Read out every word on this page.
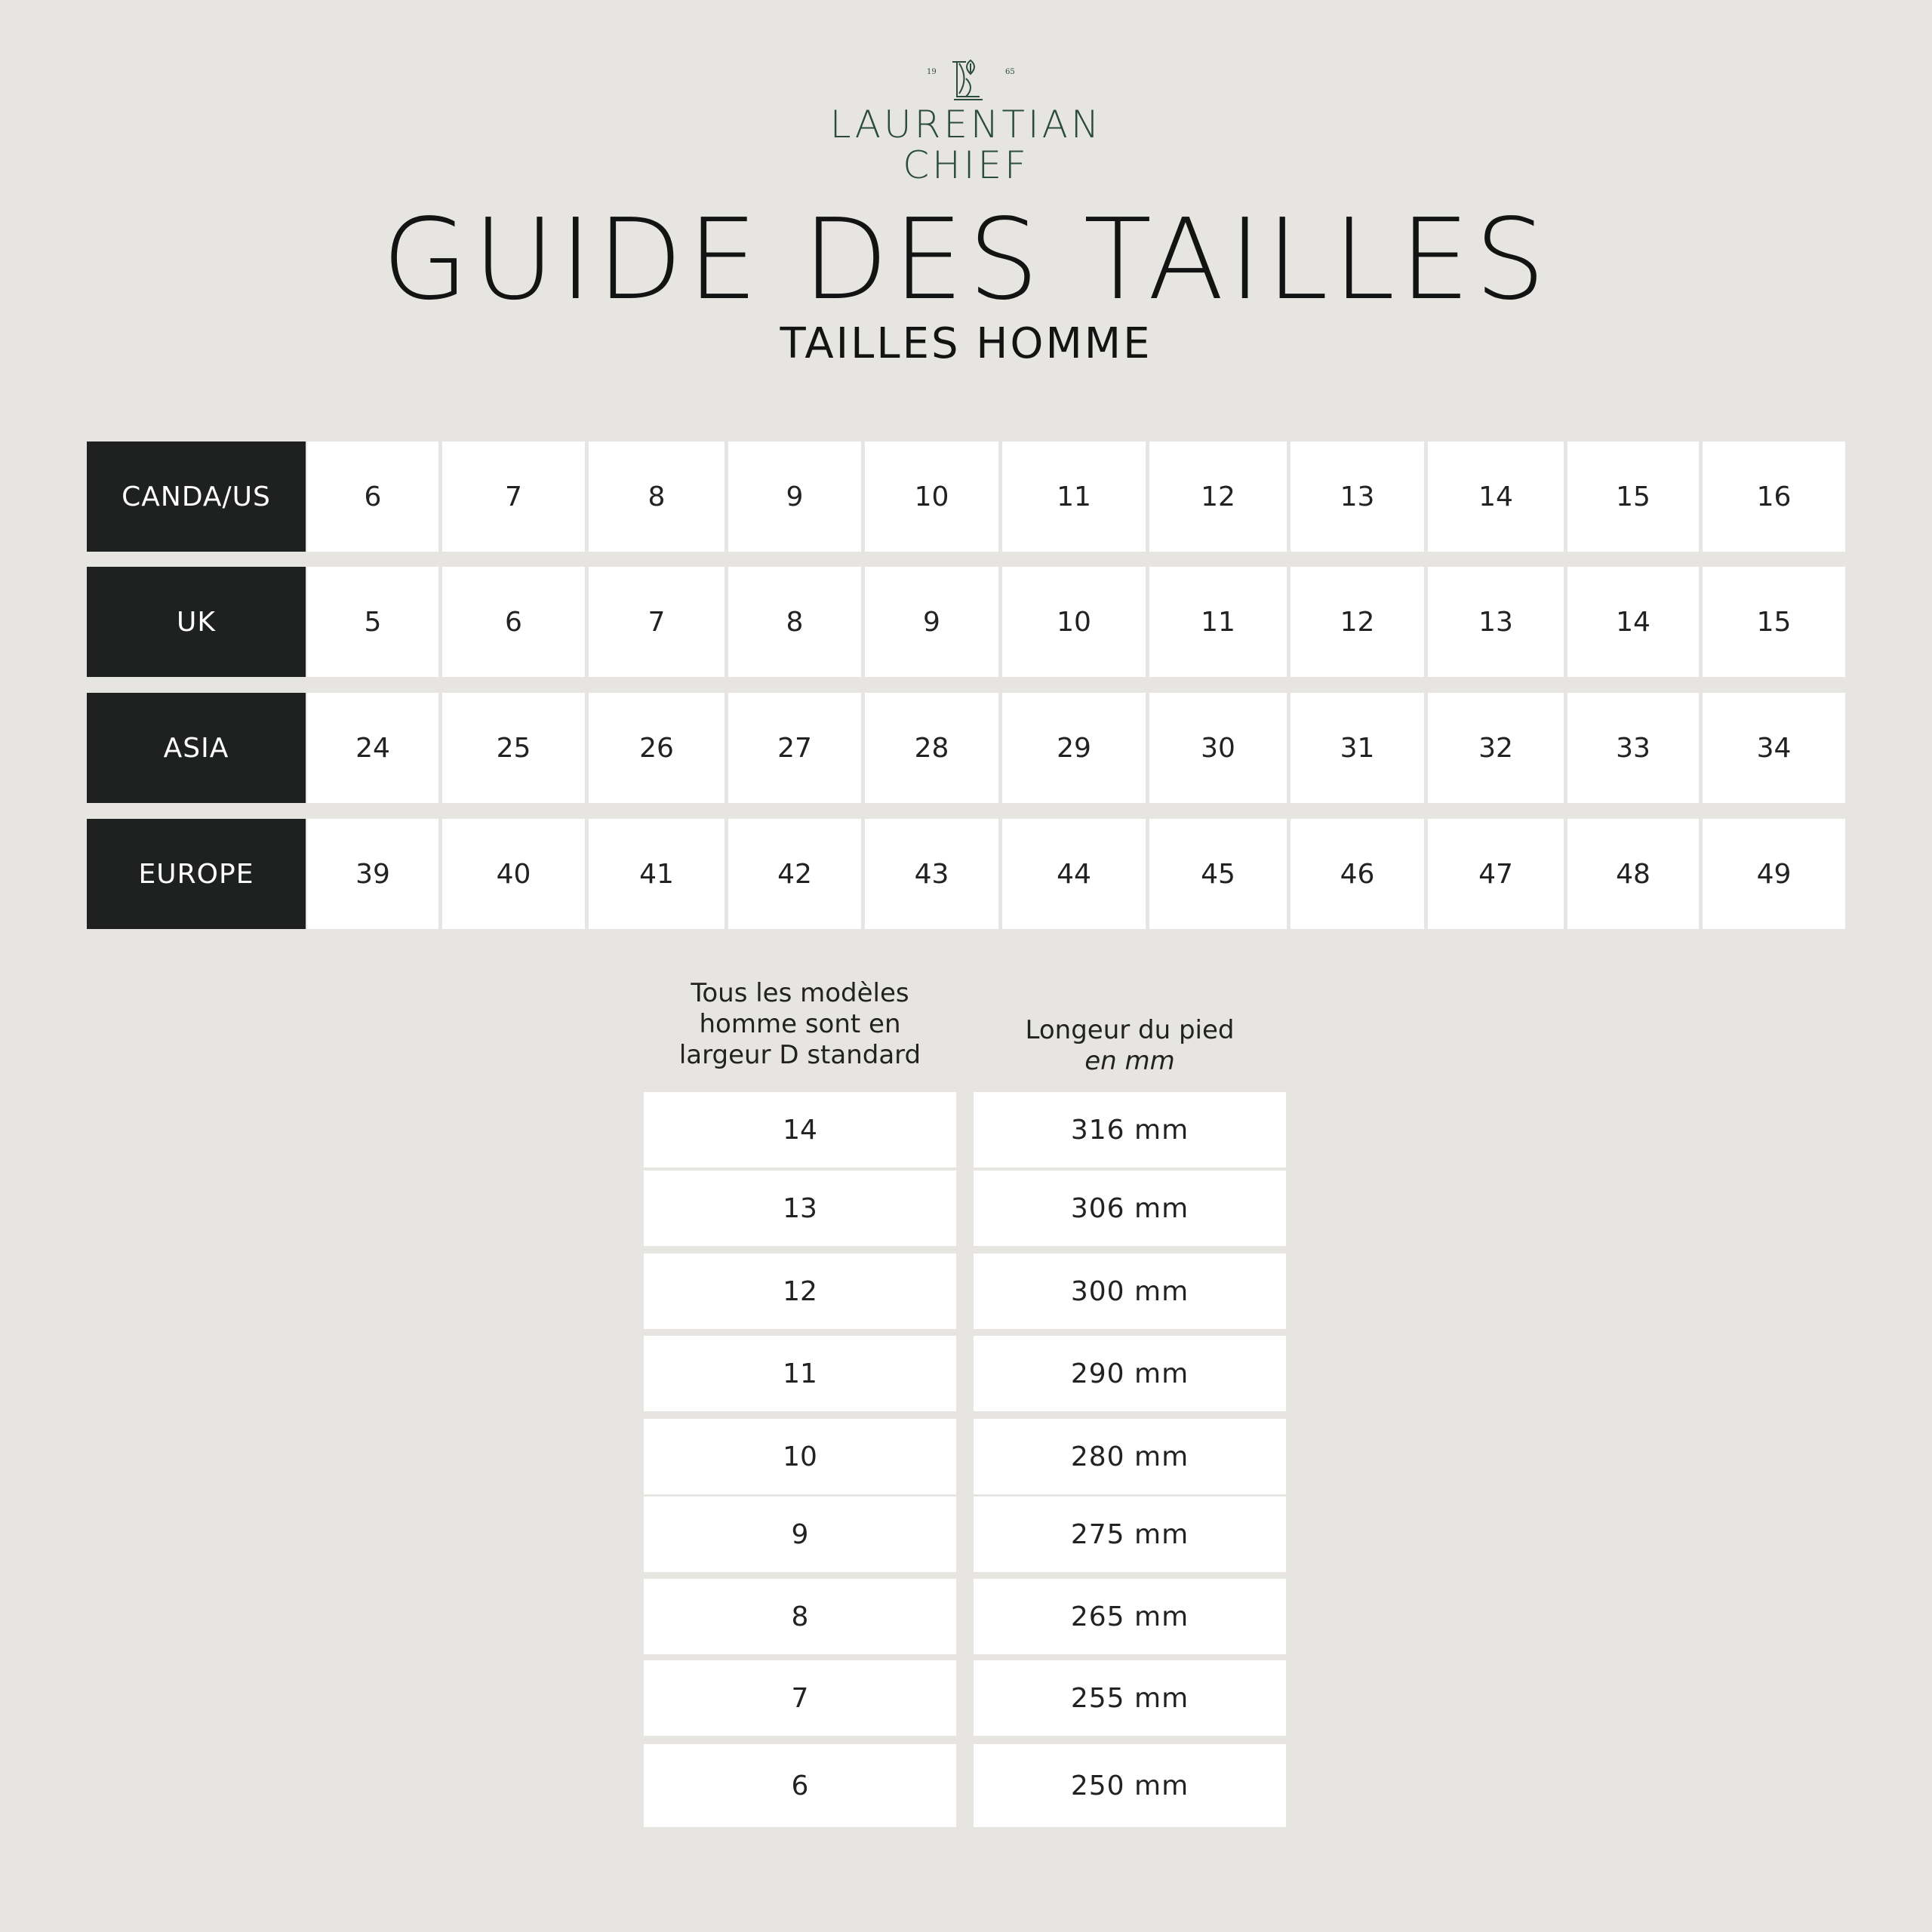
19	65
LAURENTIAN
CHIEF
GUIDE DES TAILLES
TAILLES HOMME
CANDA/US	6	7	8	9	10	11	12	13	14	15	16
UK	5	6	7	8	9	10	11	12	13	14	15
ASIA	24	25	26	27	28	29	30	31	32	33	34
EUROPE	39	40	41	42	43	44	45	46	47	48	49
Tous les modèles
homme sont en
largeur D standard
Longeur du pied
en mm
14	316 mm
13	306 mm
12	300 mm
11	290 mm
10	280 mm
9	275 mm
8	265 mm
7	255 mm
6	250 mm
